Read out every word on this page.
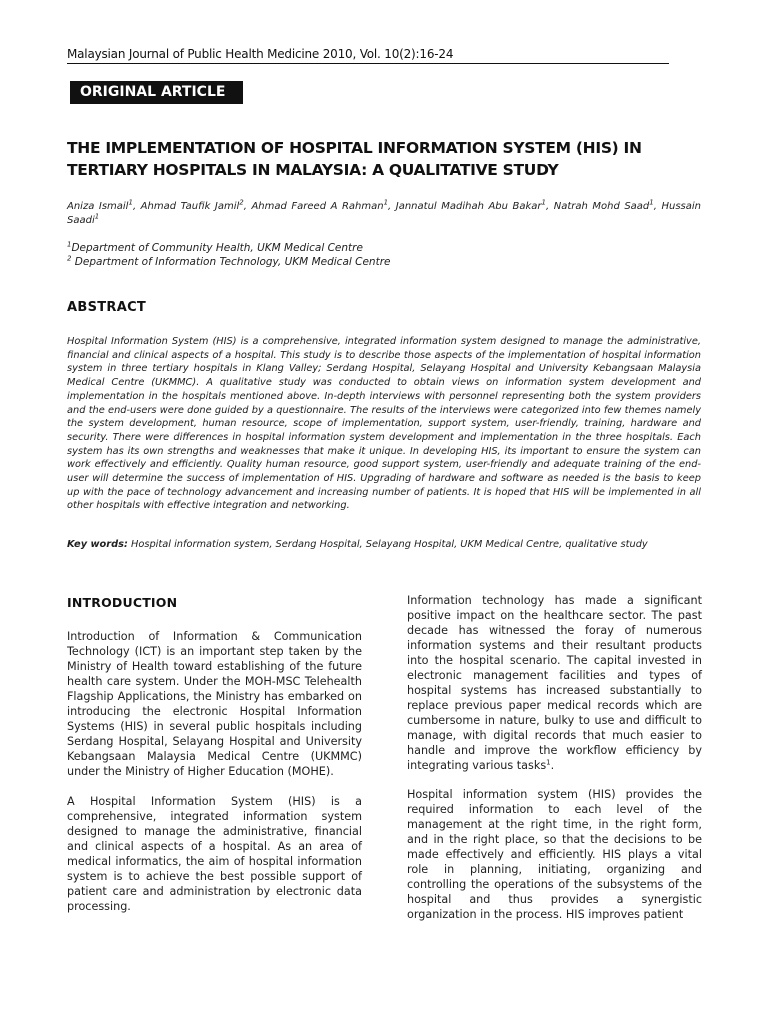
Malaysian Journal of Public Health Medicine 2010, Vol. 10(2):16-24
ORIGINAL ARTICLE
THE IMPLEMENTATION OF HOSPITAL INFORMATION SYSTEM (HIS) IN
TERTIARY HOSPITALS IN MALAYSIA: A QUALITATIVE STUDY
Aniza Ismail$^1$, Ahmad Taufik Jamil$^2$, Ahmad Fareed A Rahman$^1$, Jannatul Madihah Abu Bakar$^1$, Natrah Mohd Saad$^1$, Hussain Saadi$^1$
$^1$Department of Community Health, UKM Medical Centre
$^2$ Department of Information Technology, UKM Medical Centre
ABSTRACT

Hospital Information System (HIS) is a comprehensive, integrated information system designed to manage the administrative, financial and clinical aspects of a hospital. This study is to describe those aspects of the implementation of hospital information system in three tertiary hospitals in Klang Valley; Serdang Hospital, Selayang Hospital and University Kebangsaan Malaysia Medical Centre (UKMMC). A qualitative study was conducted to obtain views on information system development and implementation in the hospitals mentioned above. In-depth interviews with personnel representing both the system providers and the end-users were done guided by a questionnaire. The results of the interviews were categorized into few themes namely the system development, human resource, scope of implementation, support system, user-friendly, training, hardware and security. There were differences in hospital information system development and implementation in the three hospitals. Each system has its own strengths and weaknesses that make it unique. In developing HIS, its important to ensure the system can work effectively and efficiently. Quality human resource, good support system, user-friendly and adequate training of the end-user will determine the success of implementation of HIS. Upgrading of hardware and software as needed is the basis to keep up with the pace of technology advancement and increasing number of patients. It is hoped that HIS will be implemented in all other hospitals with effective integration and networking.

Key words: Hospital information system, Serdang Hospital, Selayang Hospital, UKM Medical Centre, qualitative study
INTRODUCTION

Introduction of Information & Communication Technology (ICT) is an important step taken by the Ministry of Health toward establishing of the future health care system. Under the MOH-MSC Telehealth Flagship Applications, the Ministry has embarked on introducing the electronic Hospital Information Systems (HIS) in several public hospitals including Serdang Hospital, Selayang Hospital and University Kebangsaan Malaysia Medical Centre (UKMMC) under the Ministry of Higher Education (MOHE).

A Hospital Information System (HIS) is a comprehensive, integrated information system designed to manage the administrative, financial and clinical aspects of a hospital. As an area of medical informatics, the aim of hospital information system is to achieve the best possible support of patient care and administration by electronic data processing.

Information technology has made a significant positive impact on the healthcare sector. The past decade has witnessed the foray of numerous information systems and their resultant products into the hospital scenario. The capital invested in electronic management facilities and types of hospital systems has increased substantially to replace previous paper medical records which are cumbersome in nature, bulky to use and difficult to manage, with digital records that much easier to handle and improve the workflow efficiency by integrating various tasks$^1$.

Hospital information system (HIS) provides the required information to each level of the management at the right time, in the right form, and in the right place, so that the decisions to be made effectively and efficiently. HIS plays a vital role in planning, initiating, organizing and controlling the operations of the subsystems of the hospital and thus provides a synergistic organization in the process. HIS improves patient
